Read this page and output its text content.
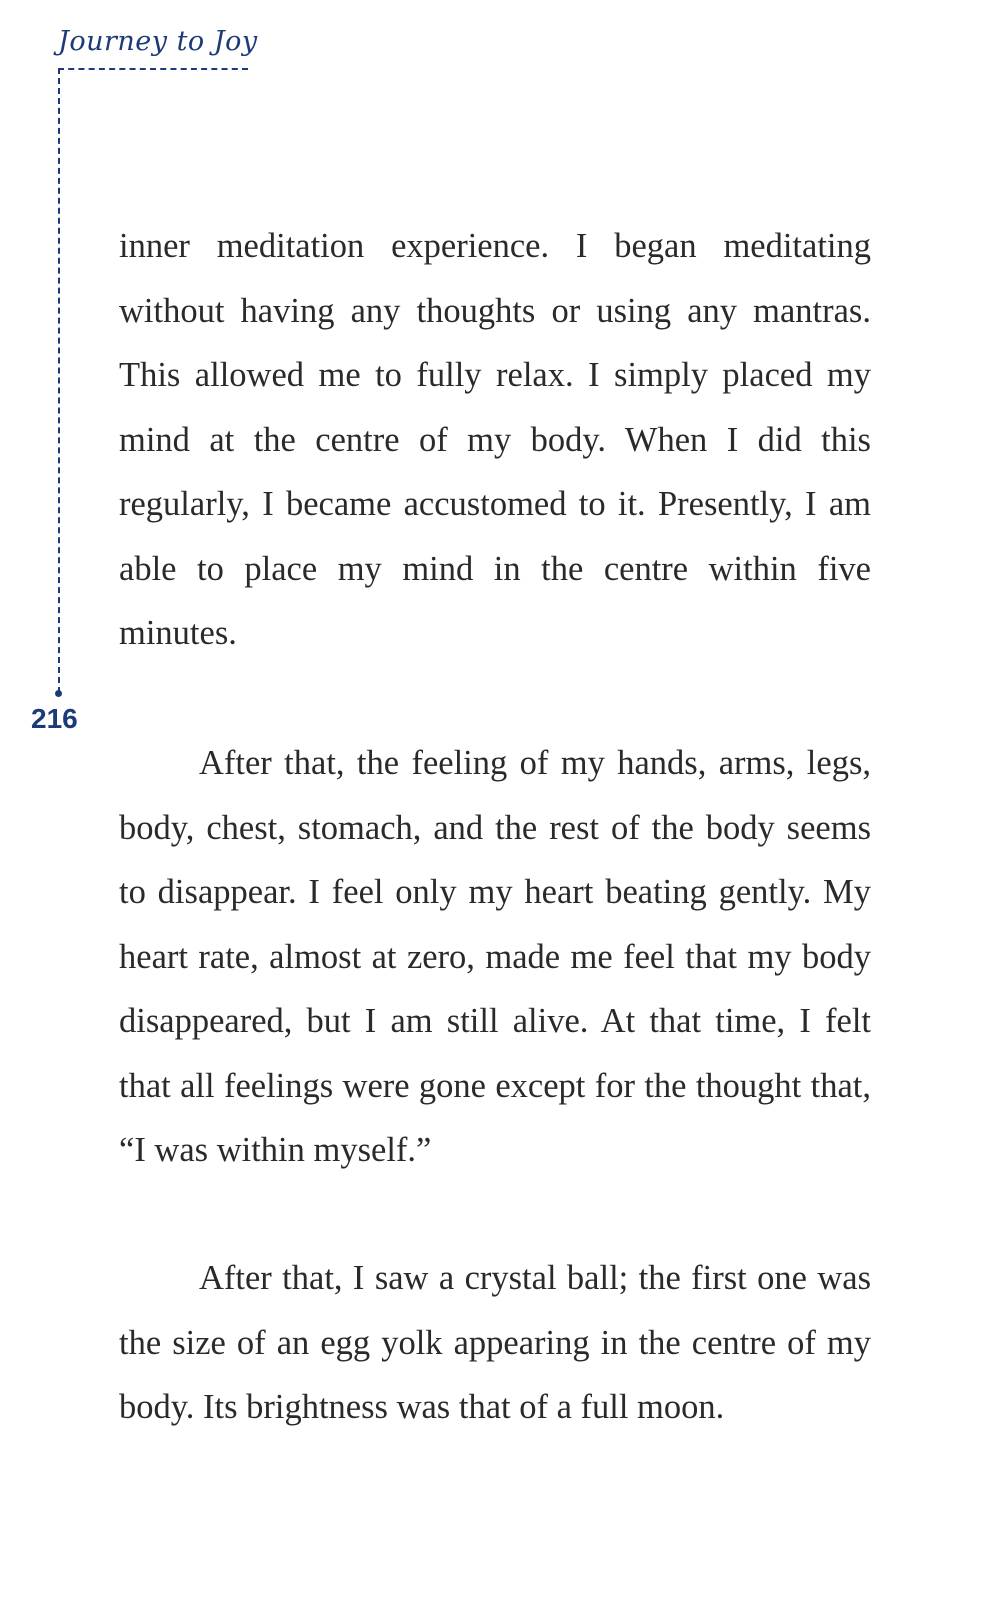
Journey to Joy
216

inner meditation experience. I began meditating without having any thoughts or using any mantras. This allowed me to fully relax. I simply placed my mind at the centre of my body. When I did this regularly, I became accustomed to it. Presently, I am able to place my mind in the centre within five minutes.

After that, the feeling of my hands, arms, legs, body, chest, stomach, and the rest of the body seems to disappear. I feel only my heart beating gently. My heart rate, almost at zero, made me feel that my body disappeared, but I am still alive. At that time, I felt that all feelings were gone except for the thought that, “I was within myself.”

After that, I saw a crystal ball; the first one was the size of an egg yolk appearing in the centre of my body. Its brightness was that of a full moon.
